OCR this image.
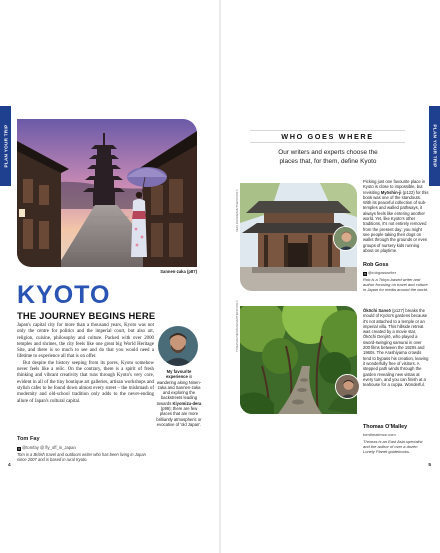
PLAN YOUR TRIP	PLAN YOUR TRIP
Sannen-zaka (p87)
KYOTO
THE JOURNEY BEGINS HERE

Japan's capital city for more than a thousand years, Kyoto was not only the centre for politics and the imperial court, but also art, religion, cuisine, philosophy and culture. Packed with over 2000 temples and shrines, the city feels like one great big World Heritage Site, and there is so much to see and do that you would need a lifetime to experience all that is on offer.

But despite the history seeping from its pores, Kyoto somehow never feels like a relic. On the contrary, there is a spirit of fresh thinking and vibrant creativity that runs through Kyoto's very core, evident in all of the tiny boutique art galleries, artisan workshops and stylish cafes to be found down almost every street – the mishmash of modernity and old-school tradition only adds to the never-ending allure of Japan's cultural capital.

Tom Fay
✕ @tomfay @ fly_off_in_Japan
Tom is a British travel and outdoors writer who has been living in Japan since 2007 and is based in rural Kyoto.
My favourite experience is wandering along Ninen-zaka and Sannen-zaka and exploring the backstreets leading towards Kiyomizu-dera (p99); there are few places that are more brilliantly atmospheric or evocative of 'old Japan'.
4
WHO GOES WHERE
Our writers and experts choose the places that, for them, define Kyoto
SEAN PAVONE/SHUTTERSTOCK ©
Picking just one favourite place in Kyoto is close to impossible, but revisiting Myōshin-ji (p122) for this book was one of the standouts. With its peaceful collection of sub-temples and walled pathways, it always feels like entering another world. Yet, like Kyoto's other traditions, it's not entirely removed from the present day: you might see people taking their dogs on walks through the grounds or even groups of nursery kids running about on playtime.
Rob Goss
✕ @robgosswriter
Rob is a Tokyo-based writer and author focusing on travel and culture in Japan for media around the world.
YOSHINORI MIZUTANI/SHUTTERSTOCK ©	Ōkōchi Sansō (p127) breaks the mould of Kyoto's gardens because it's not attached to a temple or an imperial villa. This hillside retreat was created by a movie star, Ōkōchi Denjirō, who played a sword-swinging samurai in over 200 films between the 1920s and 1960s. The Arashiyama crowds tend to bypass his creation, leaving it wonderfully free of visitors. A stepped path winds through the garden revealing new vistas at every turn, and you can finish at a teahouse for a cuppa. Wonderful.
Thomas O'Malley
tomthealence.com
Thomas is an East Asia specialist and the author of over a dozen Lonely Planet guidebooks.
5
